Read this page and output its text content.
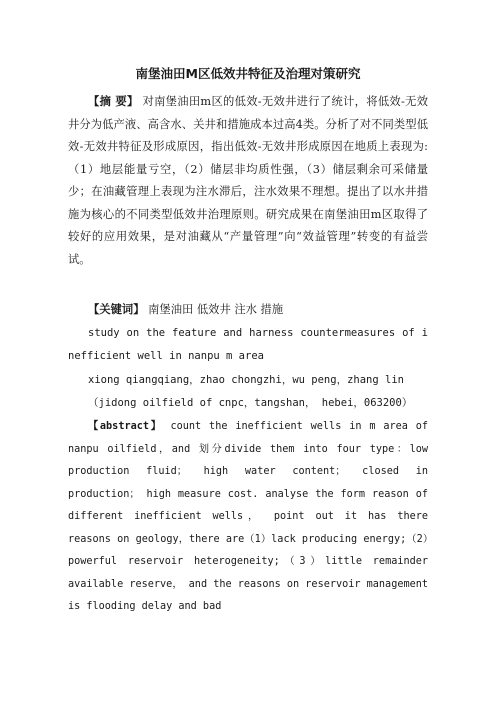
南堡油田M区低效井特征及治理对策研究
【摘 要】 对南堡油田m区的低效-无效井进行了统计，将低效-无效井分为低产液、高含水、关井和措施成本过高4类。分析了对不同类型低效-无效井特征及形成原因，指出低效-无效井形成原因在地质上表现为:（1）地层能量亏空，（2）储层非均质性强，（3）储层剩余可采储量少；在油藏管理上表现为注水滞后，注水效果不理想。提出了以水井措施为核心的不同类型低效井治理原则。研究成果在南堡油田m区取得了较好的应用效果，是对油藏从“产量管理”向“效益管理”转变的有益尝试。
【关键词】 南堡油田 低效井 注水 措施
study on the feature and harness countermeasures of inefficient well in nanpu m area
xiong qiangqiang，zhao chongzhi，wu peng，zhang lin
（jidong oilfield of cnpc，tangshan， hebei，063200）
【abstract】 count the inefficient wells in m area of nanpu oilfield，and 划分divide them into four type：low production fluid； high water content； closed in production； high measure cost. analyse the form reason of different inefficient wells， point out it has there reasons on geology，there are（1）lack producing energy;（2）powerful reservoir heterogeneity;（3）little remainder available reserve， and the reasons on reservoir management is flooding delay and bad
